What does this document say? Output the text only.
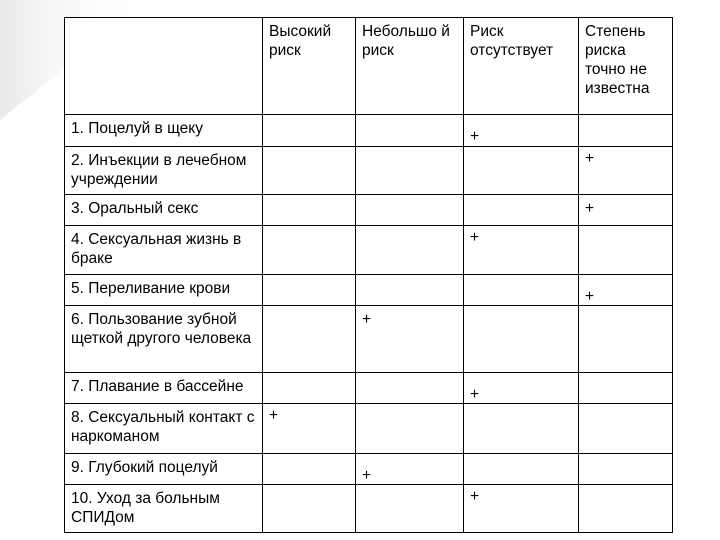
	Высокий риск	Небольшо й риск	Риск отсутствует	Степень риска точно не известна
1. Поцелуй в щеку			+	
2. Инъекции в лечебном учреждении				+
3. Оральный секс				+
4. Сексуальная жизнь в браке			+	
5. Переливание крови				+
6. Пользование зубной щеткой другого человека		+		
7. Плавание в бассейне			+	
8. Сексуальный контакт с наркоманом	+			
9. Глубокий поцелуй		+		
10. Уход за больным СПИДом			+	
